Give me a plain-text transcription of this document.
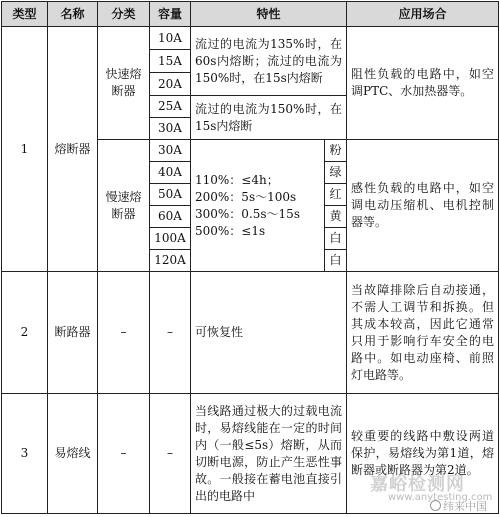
类型	名称	分类	容量	特性		应用场合
1	熔断器	快速熔断器	10A	流过的电流为135%时，在60s内熔断；流过的电流为150%时，在15s内熔断		阻性负载的电路中，如空调PTC、水加热器等。
			15A			
			20A			
			25A	流过的电流为150%时，在15s内熔断		
			30A			
		慢速熔断器	30A	110%：≤4h；
200%：5s～100s
300%：0.5s～15s
500%：≤1s	粉	感性负载的电路中，如空调电动压缩机、电机控制器等。
			40A		绿	
			50A		红	
			60A		黄	
			100A		白	
			120A		白	
2	断路器	–	–	可恢复性		当故障排除后自动接通，不需人工调节和拆换。但其成本较高，因此它通常只用于影响行车安全的电路中。如电动座椅、前照灯电路等。
3	易熔线	–	–	当线路通过极大的过载电流时，易熔线能在一定的时间内（一般≤5s）熔断，从而切断电源，防止产生恶性事故。一般接在蓄电池直接引出的电路中		较重要的线路中敷设两道保护，易熔线为第1道，熔断器或断路器为第2道。
嘉峪检测网
www.anytesting.com
纬来中国
